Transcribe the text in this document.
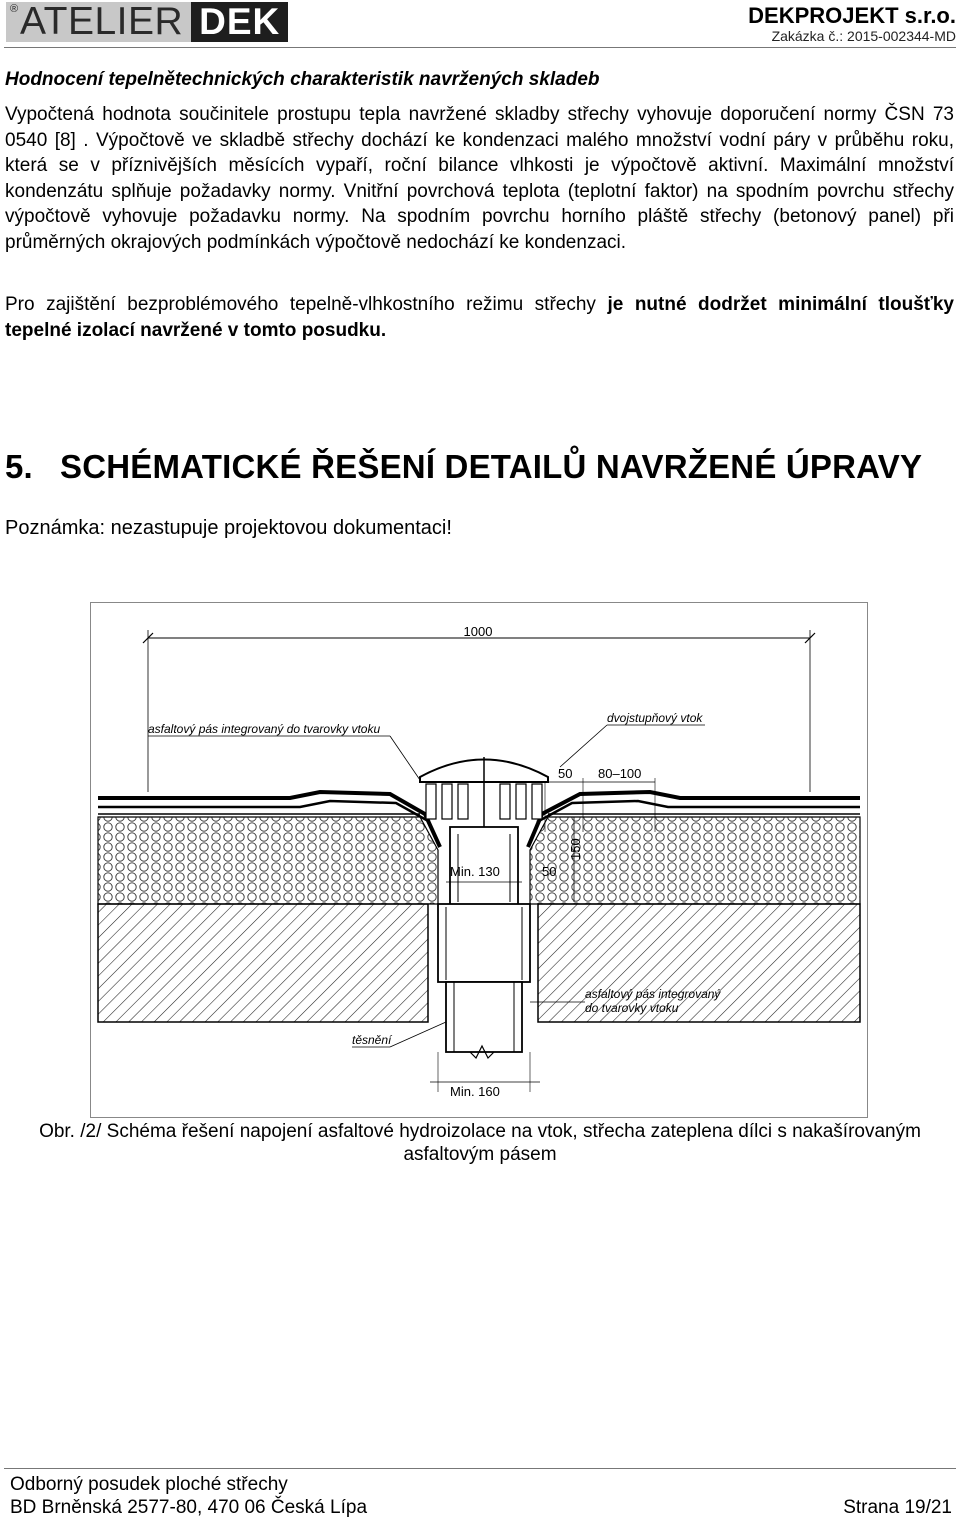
® ATELIER DEK	DEKPROJEKT s.r.o.
Zakázka č.: 2015-002344-MD
Hodnocení tepelnětechnických charakteristik navržených skladeb
Vypočtená hodnota součinitele prostupu tepla navržené skladby střechy vyhovuje doporučení normy ČSN 73 0540 [8] . Výpočtově ve skladbě střechy dochází ke kondenzaci malého množství vodní páry v průběhu roku, která se v příznivějších měsících vypaří, roční bilance vlhkosti je výpočtově aktivní. Maximální množství kondenzátu splňuje požadavky normy. Vnitřní povrchová teplota (teplotní faktor) na spodním povrchu střechy výpočtově vyhovuje požadavku normy. Na spodním povrchu horního pláště střechy (betonový panel) při průměrných okrajových podmínkách výpočtově nedochází ke kondenzaci.
Pro zajištění bezproblémového tepelně-vlhkostního režimu střechy je nutné dodržet minimální tloušťky tepelné izolací navržené v tomto posudku.
5. SCHÉMATICKÉ ŘEŠENÍ DETAILŮ NAVRŽENÉ ÚPRAVY
Poznámka: nezastupuje projektovou dokumentaci!
1000
asfaltový pás integrovaný do tvarovky vtoku
dvojstupňový vtok
50 80–100
Min. 130	50
150
asfaltový pás integrovaný
do tvarovky vtoku
těsnění
Min. 160
Obr. /2/ Schéma řešení napojení asfaltové hydroizolace na vtok, střecha zateplena dílci s nakašírovaným asfaltovým pásem
Odborný posudek ploché střechy
BD Brněnská 2577-80, 470 06 Česká Lípa	Strana 19/21
